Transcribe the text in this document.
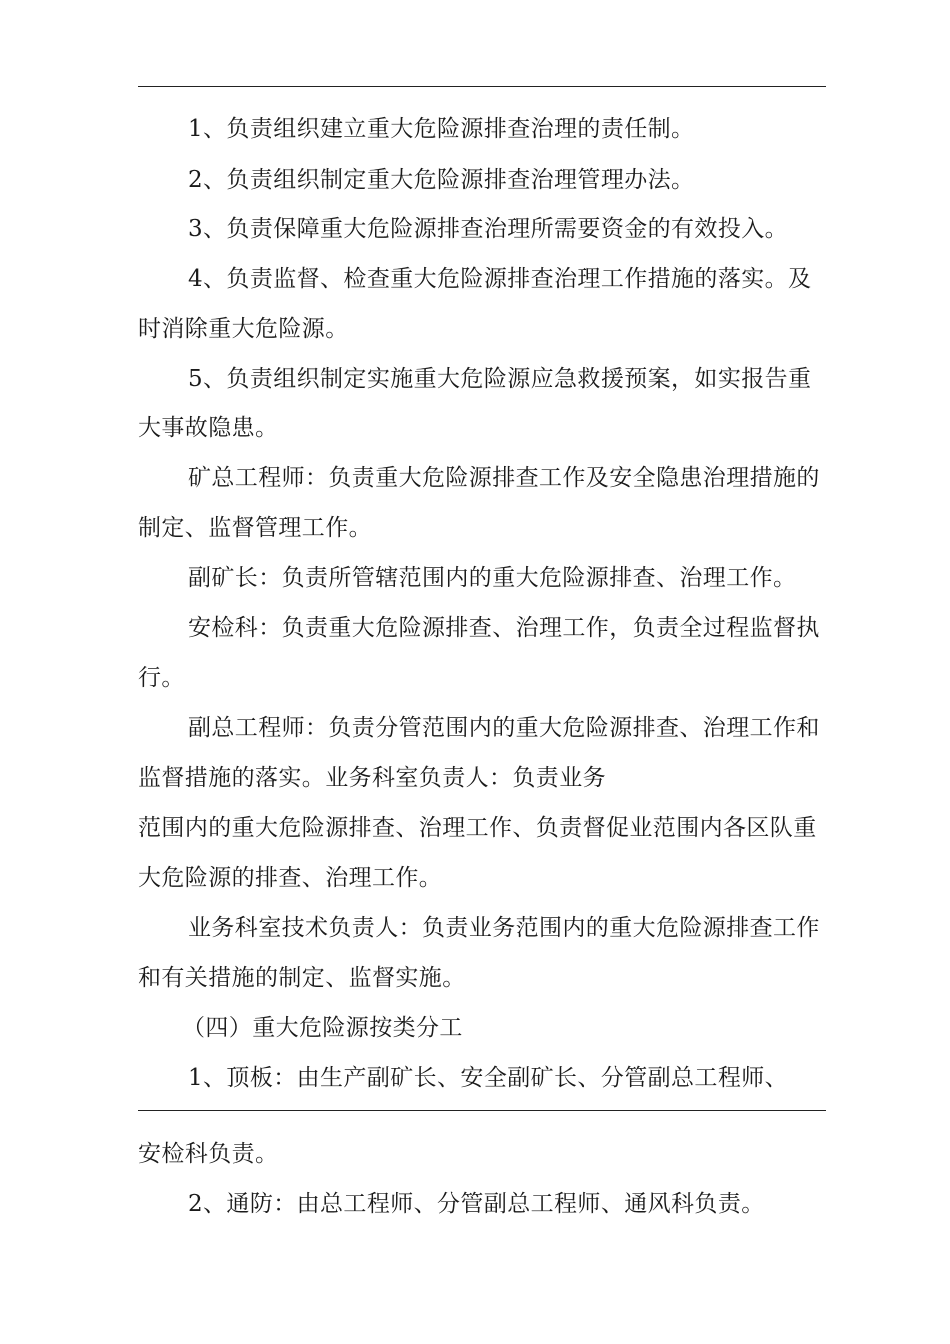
1、负责组织建立重大危险源排查治理的责任制。

2、负责组织制定重大危险源排查治理管理办法。

3、负责保障重大危险源排查治理所需要资金的有效投入。

4、负责监督、检查重大危险源排查治理工作措施的落实。及

时消除重大危险源。

5、负责组织制定实施重大危险源应急救援预案，如实报告重

大事故隐患。

矿总工程师：负责重大危险源排查工作及安全隐患治理措施的

制定、监督管理工作。

副矿长：负责所管辖范围内的重大危险源排查、治理工作。

安检科：负责重大危险源排查、治理工作，负责全过程监督执

行。

副总工程师：负责分管范围内的重大危险源排查、治理工作和

监督措施的落实。业务科室负责人：负责业务

范围内的重大危险源排查、治理工作、负责督促业范围内各区队重

大危险源的排查、治理工作。

业务科室技术负责人：负责业务范围内的重大危险源排查工作

和有关措施的制定、监督实施。

（四）重大危险源按类分工

1、顶板：由生产副矿长、安全副矿长、分管副总工程师、

安检科负责。

2、通防：由总工程师、分管副总工程师、通风科负责。
